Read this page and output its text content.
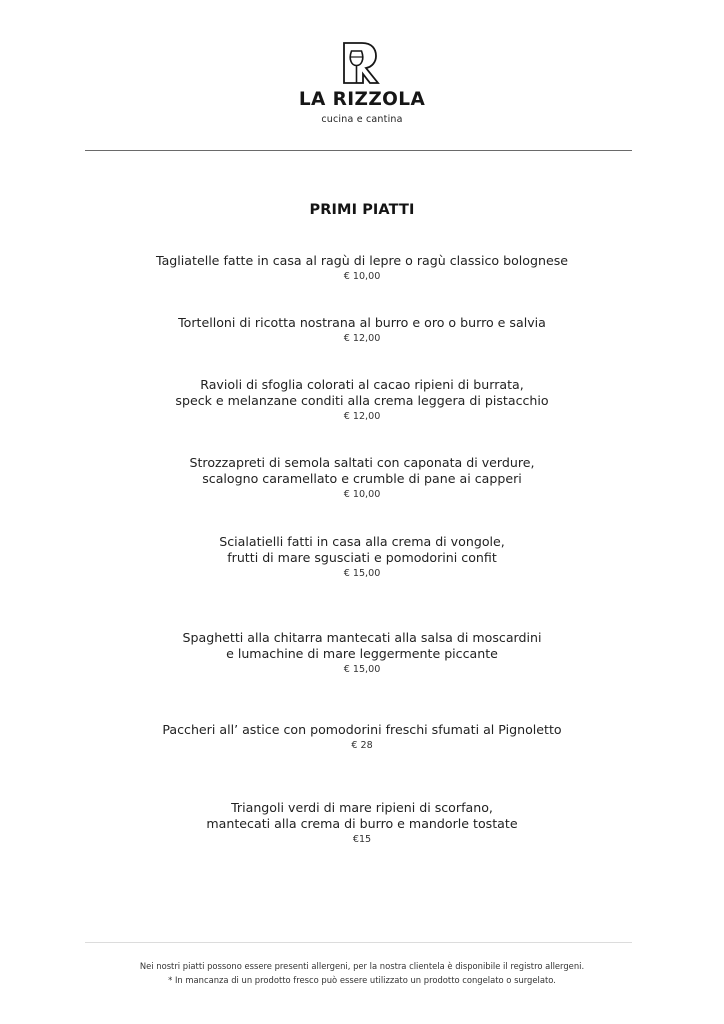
LA RIZZOLA
cucina e cantina
PRIMI PIATTI
Tagliatelle fatte in casa al ragù di lepre o ragù classico bolognese
€ 10,00
Tortelloni di ricotta nostrana al burro e oro o burro e salvia
€ 12,00
Ravioli di sfoglia colorati al cacao ripieni di burrata,
speck e melanzane conditi alla crema leggera di pistacchio
€ 12,00
Strozzapreti di semola saltati con caponata di verdure,
scalogno caramellato e crumble di pane ai capperi
€ 10,00
Scialatielli fatti in casa alla crema di vongole,
frutti di mare sgusciati e pomodorini confit
€ 15,00
Spaghetti alla chitarra mantecati alla salsa di moscardini
e lumachine di mare leggermente piccante
€ 15,00
Paccheri all’ astice con pomodorini freschi sfumati al Pignoletto
€ 28
Triangoli verdi di mare ripieni di scorfano,
mantecati alla crema di burro e mandorle tostate
€15
Nei nostri piatti possono essere presenti allergeni, per la nostra clientela è disponibile il registro allergeni.
* In mancanza di un prodotto fresco può essere utilizzato un prodotto congelato o surgelato.
